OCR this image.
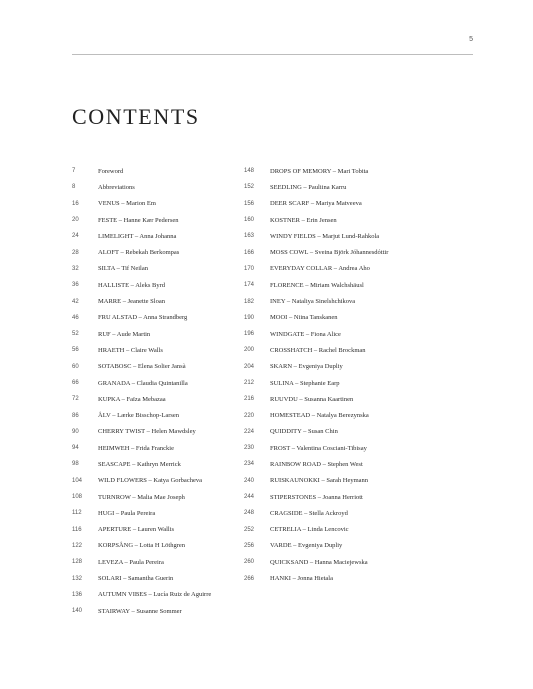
5
CONTENTS
7	Foreword
8	Abbreviations
16	VENUS – Marion Em
20	FESTE – Hanne Kær Pedersen
24	LIMELIGHT – Anna Johanna
28	ALOFT – Rebekah Berkompas
32	SILTA – Tif Neilan
36	HALLISTE – Aleks Byrd
42	MARRE – Jeanette Sloan
46	FRU ALSTAD – Anna Strandberg
52	RUF – Aude Martin
56	HRAETH – Claire Walls
60	SOTABOSC – Elena Solier Jansà
66	GRANADA – Claudia Quintanilla
72	KUPKA – Faïza Mebazaa
86	ÅLV – Lærke Bisschop-Larsen
90	CHERRY TWIST – Helen Mawdsley
94	HEIMWEH – Frida Franckie
98	SEASCAPE – Kathryn Merrick
104	WILD FLOWERS – Katya Gorbacheva
108	TURNROW – Malia Mae Joseph
112	HUGI – Paula Pereira
116	APERTURE – Lauren Wallis
122	KORPSÅNG – Lotta H Löthgren
128	LEVEZA – Paula Pereira
132	SOLARI – Samantha Guerin
136	AUTUMN VIBES – Lucía Ruiz de Aguirre
140	STAIRWAY – Susanne Sommer
148	DROPS OF MEMORY – Mari Tobita
152	SEEDLING – Pauliina Karru
156	DEER SCARF – Mariya Matveeva
160	KOSTNER – Erin Jensen
163	WINDY FIELDS – Marjut Lund-Rahkola
166	MOSS COWL – Sveina Björk Jóhannesdóttir
170	EVERYDAY COLLAR – Andrea Aho
174	FLORENCE – Miriam Walchshäusl
182	INEY – Nataliya Sinelshchikova
190	MOOI – Niina Tanskanen
196	WINDGATE – Fiona Alice
200	CROSSHATCH – Rachel Brockman
204	SKARN – Evgeniya Dupliy
212	SULINA – Stephanie Earp
216	RUUVDU – Susanna Kaartinen
220	HOMESTEAD – Natalya Berezynska
224	QUIDDITY – Susan Chin
230	FROST – Valentina Cosciani-Tibisay
234	RAINBOW ROAD – Stephen West
240	RUISKAUNOKKI – Sarah Heymann
244	STIPERSTONES – Joanna Herriott
248	CRAGSIDE – Stella Ackroyd
252	CETRELIA – Linda Lencovic
256	VARDE – Evgeniya Dupliy
260	QUICKSAND – Hanna Maciejewska
266	HANKI – Jonna Hietala
